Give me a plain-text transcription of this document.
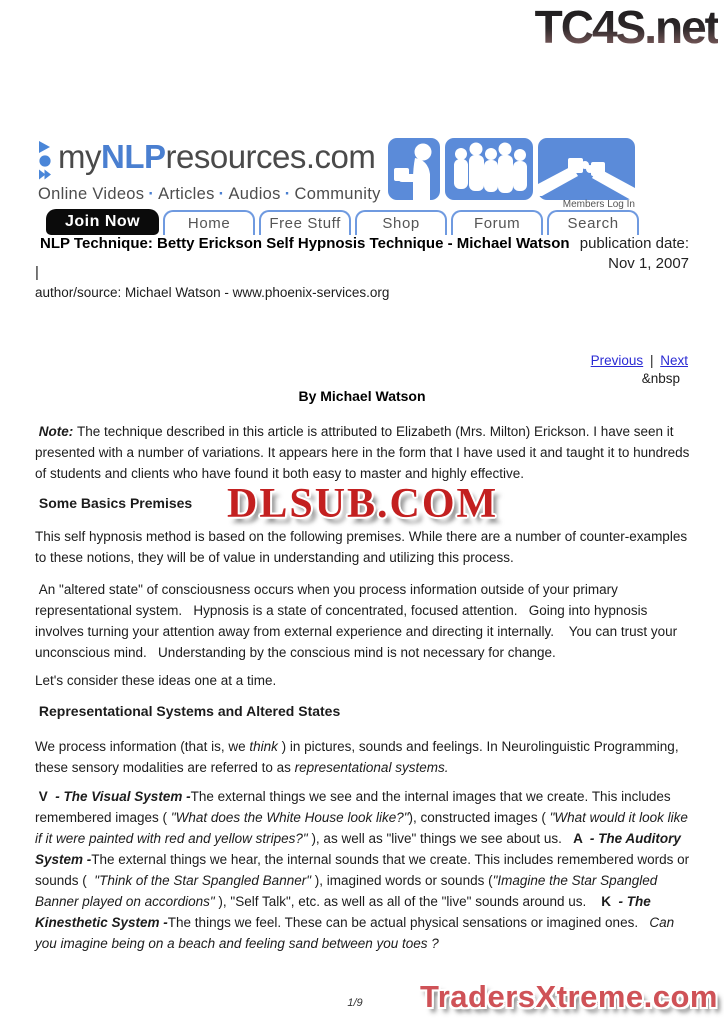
TC4S.net
myNLPresources.com
Online Videos · Articles · Audios · Community
Members Log In
Join Now	Home	Free Stuff	Shop	Forum	Search
NLP Technique: Betty Erickson Self Hypnosis Technique - Michael Watson publication date: Nov 1, 2007
|
author/source: Michael Watson - www.phoenix-services.org
Previous | Next
&nbsp
By Michael Watson
Note: The technique described in this article is attributed to Elizabeth (Mrs. Milton) Erickson. I have seen it presented with a number of variations. It appears here in the form that I have used it and taught it to hundreds of students and clients who have found it both easy to master and highly effective.
Some Basics Premises
This self hypnosis method is based on the following premises. While there are a number of counter-examples to these notions, they will be of value in understanding and utilizing this process.
An "altered state" of consciousness occurs when you process information outside of your primary representational system.   Hypnosis is a state of concentrated, focused attention.   Going into hypnosis involves turning your attention away from external experience and directing it internally.    You can trust your unconscious mind.   Understanding by the conscious mind is not necessary for change.
Let's consider these ideas one at a time.
Representational Systems and Altered States
We process information (that is, we think ) in pictures, sounds and feelings. In Neurolinguistic Programming, these sensory modalities are referred to as representational systems.
V  - The Visual System -The external things we see and the internal images that we create. This includes remembered images ( "What does the White House look like?"), constructed images ( "What would it look like if it were painted with red and yellow stripes?" ), as well as "live" things we see about us.   A  - The Auditory System -The external things we hear, the internal sounds that we create. This includes remembered words or sounds (  "Think of the Star Spangled Banner" ), imagined words or sounds ("Imagine the Star Spangled Banner played on accordions" ), "Self Talk", etc. as well as all of the "live" sounds around us.    K  - The Kinesthetic System -The things we feel. These can be actual physical sensations or imagined ones.   Can you imagine being on a beach and feeling sand between you toes ?
DLSUB.COM
1/9	TradersXtreme.com
